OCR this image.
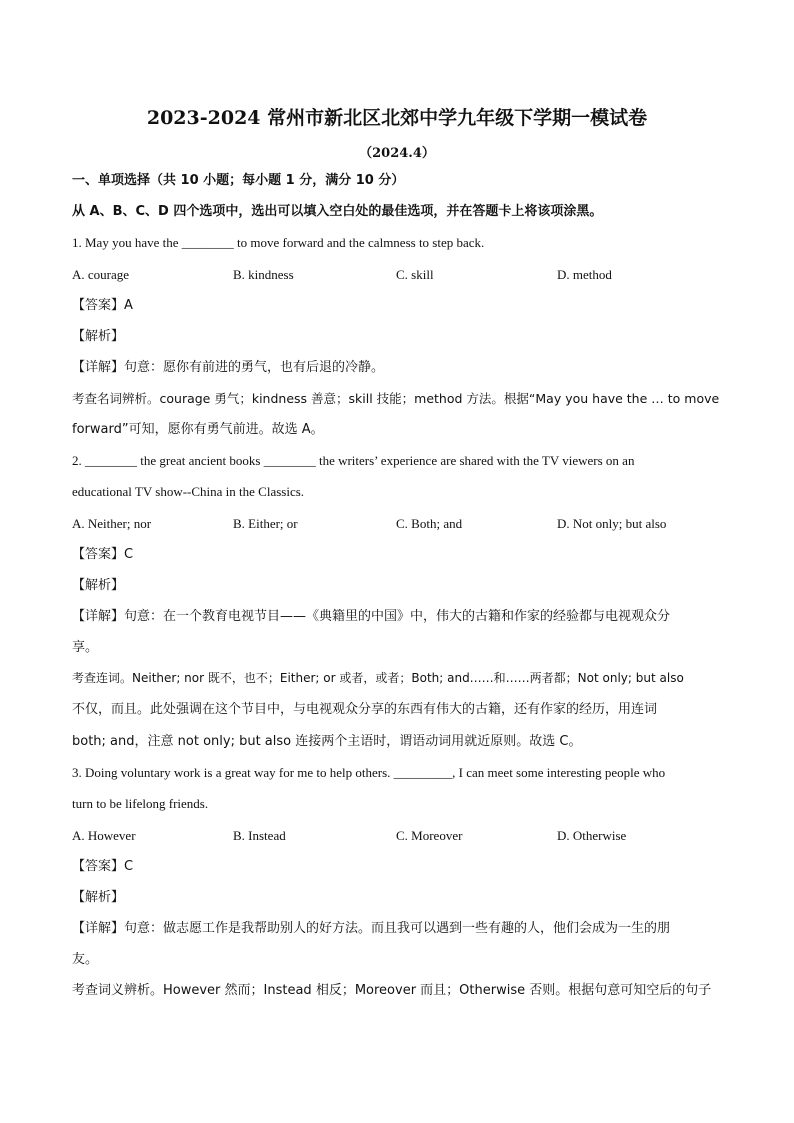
2023-2024 常州市新北区北郊中学九年级下学期一模试卷
（2024.4）
一、单项选择（共 10 小题；每小题 1 分，满分 10 分）
从 A、B、C、D 四个选项中，选出可以填入空白处的最佳选项，并在答题卡上将该项涂黑。
1. May you have the ________ to move forward and the calmness to step back.
A. courage	B. kindness	C. skill	D. method
【答案】A
【解析】
【详解】句意：愿你有前进的勇气，也有后退的冷静。
考查名词辨析。courage 勇气；kindness 善意；skill 技能；method 方法。根据“May you have the … to move
forward”可知，愿你有勇气前进。故选 A。
2. ________ the great ancient books ________ the writers’ experience are shared with the TV viewers on an
educational TV show--China in the Classics.
A. Neither; nor	B. Either; or	C. Both; and	D. Not only; but also
【答案】C
【解析】
【详解】句意：在一个教育电视节目——《典籍里的中国》中，伟大的古籍和作家的经验都与电视观众分
享。
考查连词。Neither; nor 既不，也不；Either; or 或者，或者；Both; and……和……两者都；Not only; but also
不仅，而且。此处强调在这个节目中，与电视观众分享的东西有伟大的古籍，还有作家的经历，用连词
both; and，注意 not only; but also 连接两个主语时，谓语动词用就近原则。故选 C。
3. Doing voluntary work is a great way for me to help others. _________, I can meet some interesting people who
turn to be lifelong friends.
A. However	B. Instead	C. Moreover	D. Otherwise
【答案】C
【解析】
【详解】句意：做志愿工作是我帮助别人的好方法。而且我可以遇到一些有趣的人，他们会成为一生的朋
友。
考查词义辨析。However 然而；Instead 相反；Moreover 而且；Otherwise 否则。根据句意可知空后的句子
